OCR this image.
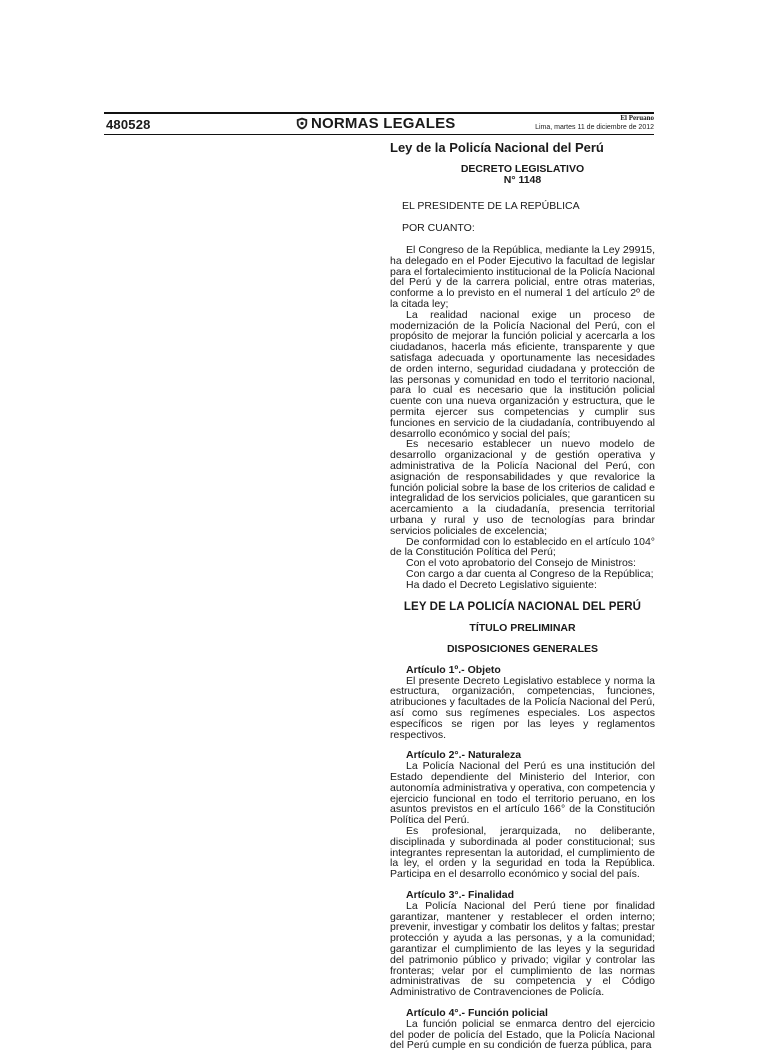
480528	NORMAS LEGALES	El Peruano
Lima, martes 11 de diciembre de 2012

Ley de la Policía Nacional del Perú

DECRETO LEGISLATIVO

N° 1148

EL PRESIDENTE DE LA REPÚBLICA

POR CUANTO:

El Congreso de la República, mediante la Ley 29915, ha delegado en el Poder Ejecutivo la facultad de legislar para el fortalecimiento institucional de la Policía Nacional del Perú y de la carrera policial, entre otras materias, conforme a lo previsto en el numeral 1 del artículo 2º de la citada ley;

La realidad nacional exige un proceso de modernización de la Policía Nacional del Perú, con el propósito de mejorar la función policial y acercarla a los ciudadanos, hacerla más eficiente, transparente y que satisfaga adecuada y oportunamente las necesidades de orden interno, seguridad ciudadana y protección de las personas y comunidad en todo el territorio nacional, para lo cual es necesario que la institución policial cuente con una nueva organización y estructura, que le permita ejercer sus competencias y cumplir sus funciones en servicio de la ciudadanía, contribuyendo al desarrollo económico y social del país;

Es necesario establecer un nuevo modelo de desarrollo organizacional y de gestión operativa y administrativa de la Policía Nacional del Perú, con asignación de responsabilidades y que revalorice la función policial sobre la base de los criterios de calidad e integralidad de los servicios policiales, que garanticen su acercamiento a la ciudadanía, presencia territorial urbana y rural y uso de tecnologías para brindar servicios policiales de excelencia;

De conformidad con lo establecido en el artículo 104° de la Constitución Política del Perú;

Con el voto aprobatorio del Consejo de Ministros:

Con cargo a dar cuenta al Congreso de la República;

Ha dado el Decreto Legislativo siguiente:

LEY DE LA POLICÍA NACIONAL DEL PERÚ

TÍTULO PRELIMINAR

DISPOSICIONES GENERALES

Artículo 1º.- Objeto

El presente Decreto Legislativo establece y norma la estructura, organización, competencias, funciones, atribuciones y facultades de la Policía Nacional del Perú, así como sus regímenes especiales. Los aspectos específicos se rigen por las leyes y reglamentos respectivos.

Artículo 2°.- Naturaleza

La Policía Nacional del Perú es una institución del Estado dependiente del Ministerio del Interior, con autonomía administrativa y operativa, con competencia y ejercicio funcional en todo el territorio peruano, en los asuntos previstos en el artículo 166° de la Constitución Política del Perú.

Es profesional, jerarquizada, no deliberante, disciplinada y subordinada al poder constitucional; sus integrantes representan la autoridad, el cumplimiento de la ley, el orden y la seguridad en toda la República. Participa en el desarrollo económico y social del país.

Artículo 3°.- Finalidad

La Policía Nacional del Perú tiene por finalidad garantizar, mantener y restablecer el orden interno; prevenir, investigar y combatir los delitos y faltas; prestar protección y ayuda a las personas, y a la comunidad; garantizar el cumplimiento de las leyes y la seguridad del patrimonio público y privado; vigilar y controlar las fronteras; velar por el cumplimiento de las normas administrativas de su competencia y el Código Administrativo de Contravenciones de Policía.

Artículo 4°.- Función policial

La función policial se enmarca dentro del ejercicio del poder de policía del Estado, que la Policía Nacional del Perú cumple en su condición de fuerza pública, para
